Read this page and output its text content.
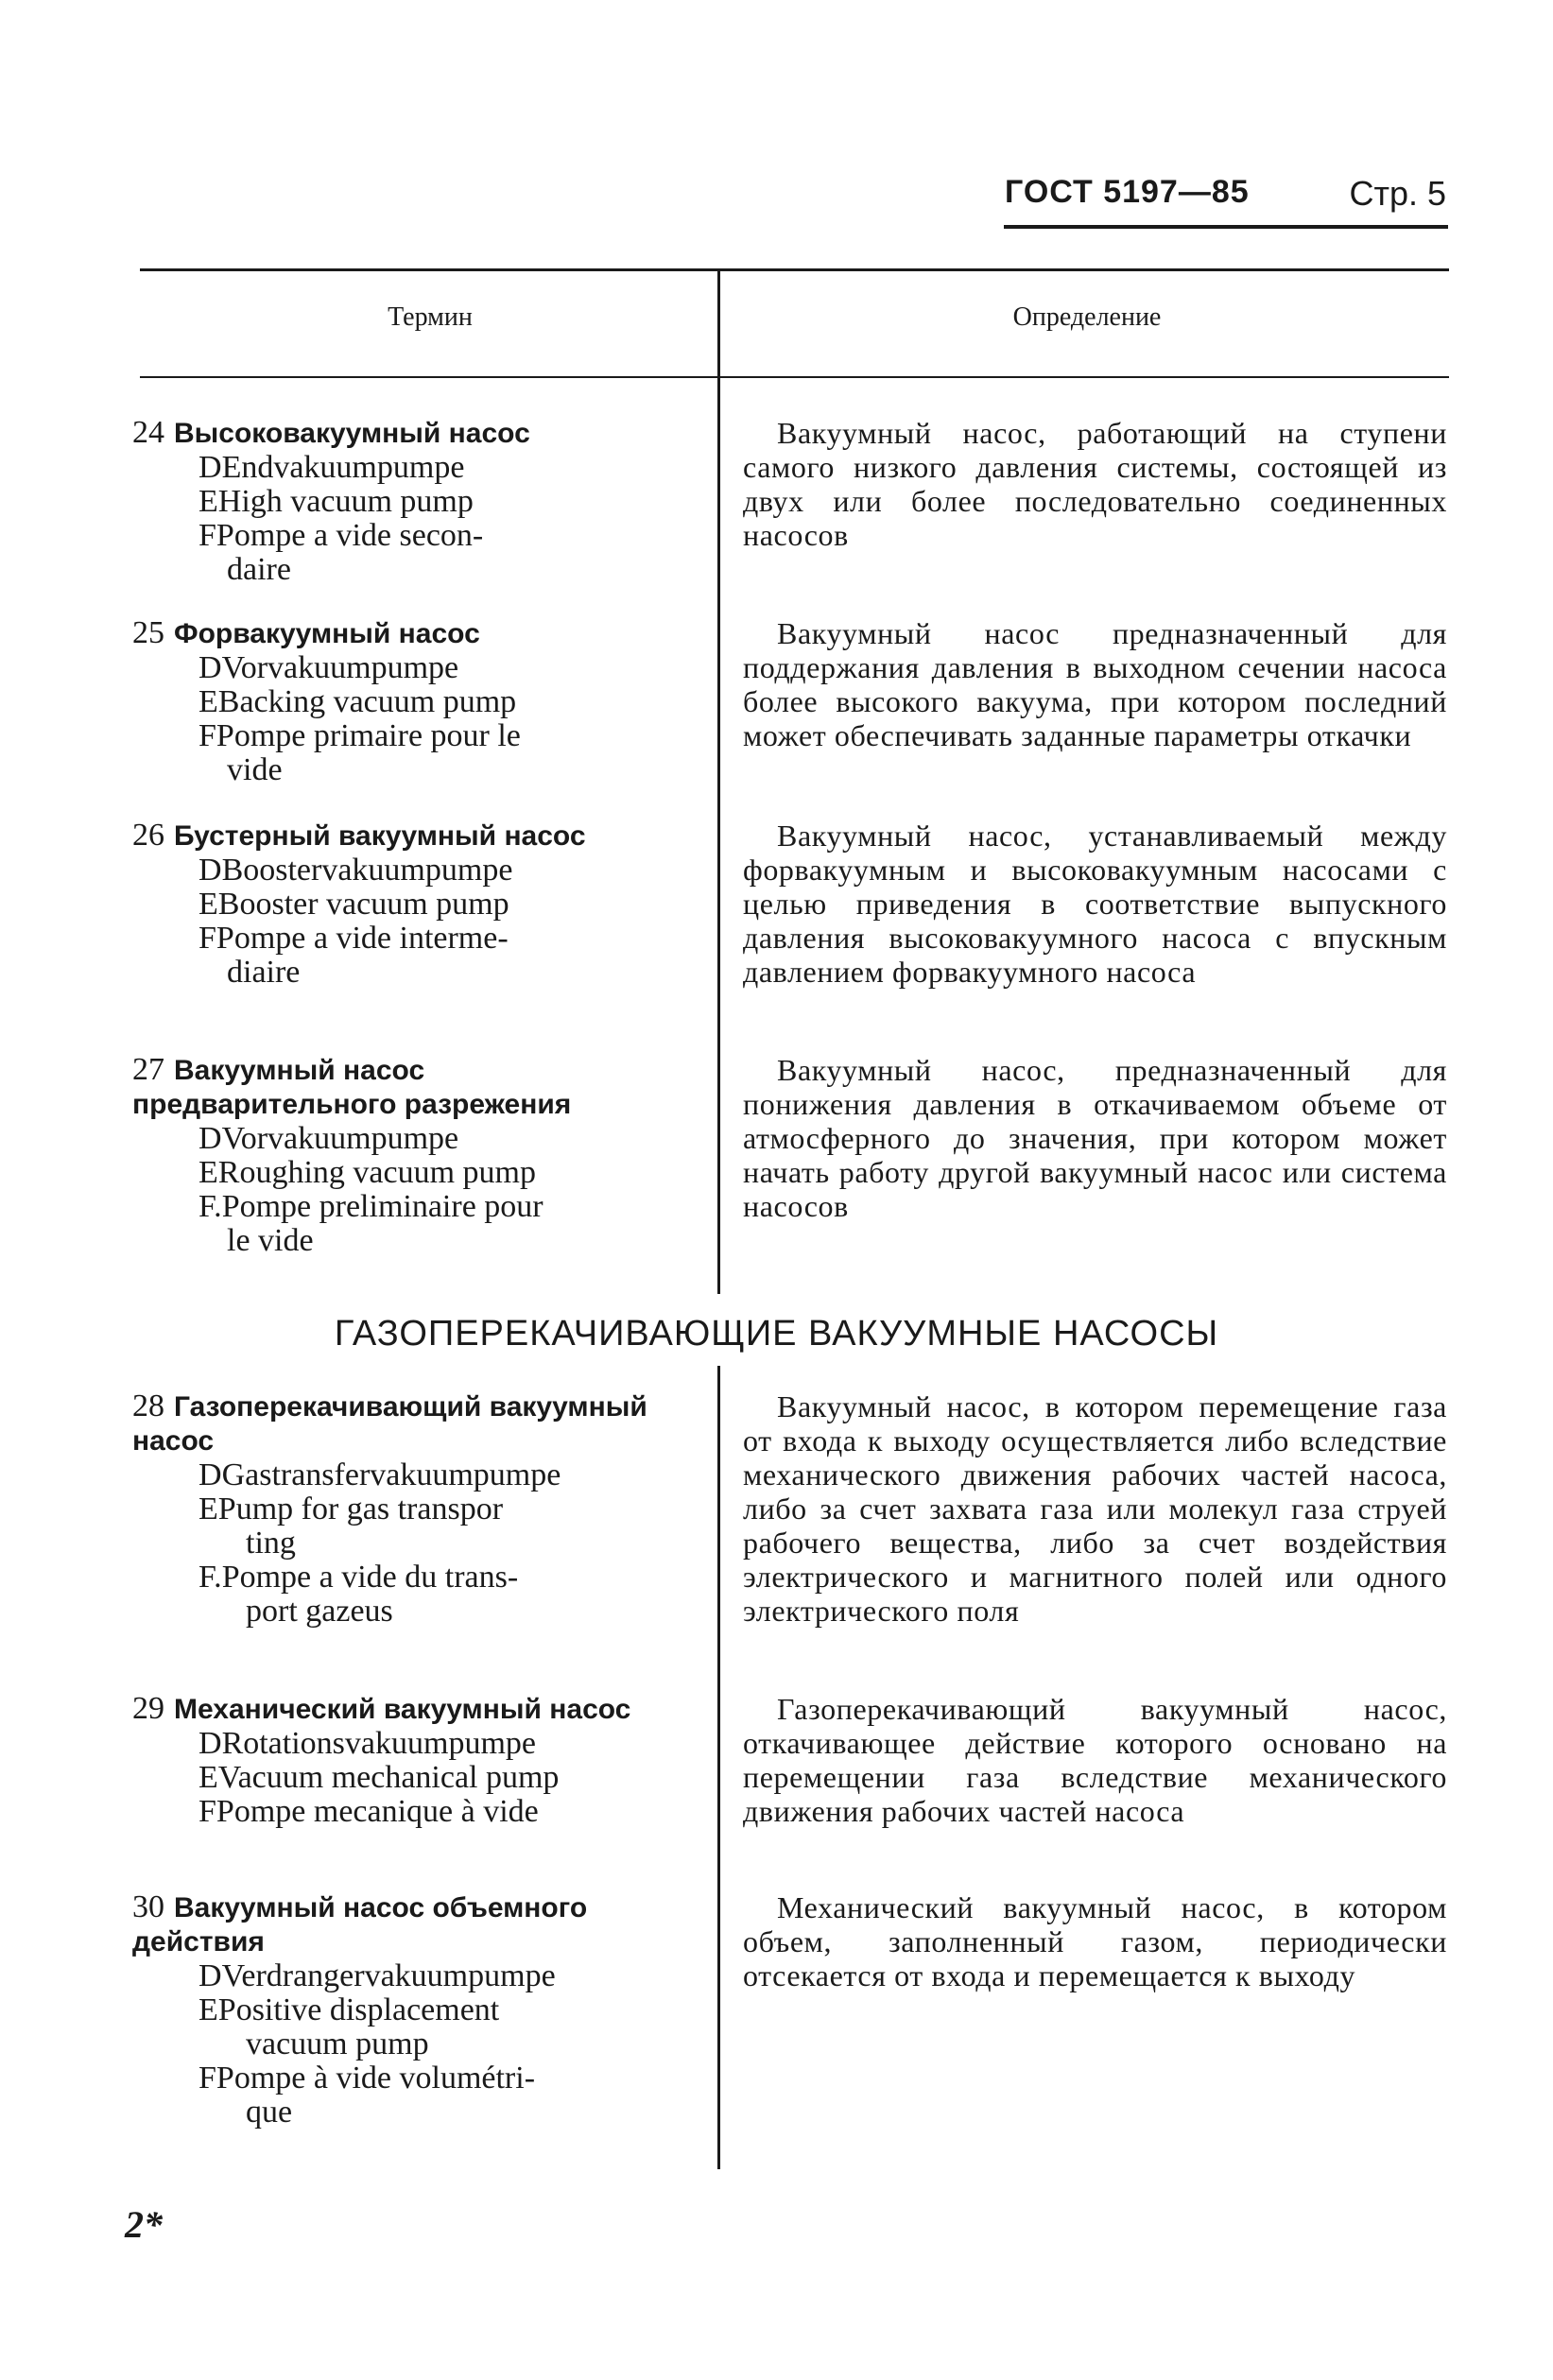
ГОСТ 5197—85	Стр. 5
Термин	Определение
24 Высоковакуумный насос
DEndvakuumpumpe
EHigh vacuum pump
FPompe a vide secon-
daire

Вакуумный насос, работающий на ступени самого низкого давления системы, состоящей из двух или более последовательно соединенных насосов

25 Форвакуумный насос
DVorvakuumpumpe
EBacking vacuum pump
FPompe primaire pour le
vide

Вакуумный насос предназначенный для поддержания давления в выходном сечении насоса более высокого вакуума, при котором последний может обеспечивать заданные параметры откачки

26 Бустерный вакуумный насос
DBoostervakuumpumpe
EBooster vacuum pump
FPompe a vide interme-
diaire

Вакуумный насос, устанавливаемый между форвакуумным и высоковакуумным насосами с целью приведения в соответствие выпускного давления высоковакуумного насоса с впускным давлением форвакуумного насоса

27 Вакуумный насос предварительного разрежения
DVorvakuumpumpe
ERoughing vacuum pump
F.Pompe preliminaire pour
le vide

Вакуумный насос, предназначенный для понижения давления в откачиваемом объеме от атмосферного до значения, при котором может начать работу другой вакуумный насос или система насосов

ГАЗОПЕРЕКАЧИВАЮЩИЕ ВАКУУМНЫЕ НАСОСЫ
28 Газоперекачивающий вакуумный насос
DGastransfervakuumpumpe
EPump for gas transpor
ting
F.Pompe a vide du trans-
port gazeus

Вакуумный насос, в котором перемещение газа от входа к выходу осуществляется либо вследствие механического движения рабочих частей насоса, либо за счет захвата газа или молекул газа струей рабочего вещества, либо за счет воздействия электрического и магнитного полей или одного электрического поля

29 Механический вакуумный насос
DRotationsvakuumpumpe
EVacuum mechanical pump
FPompe mecanique à vide

Газоперекачивающий вакуумный насос, откачивающее действие которого основано на перемещении газа вследствие механического движения рабочих частей насоса

30 Вакуумный насос объемного действия
DVerdrangervakuumpumpe
EPositive displacement
vacuum pump
FPompe à vide volumétri-
que

Механический вакуумный насос, в котором объем, заполненный газом, периодически отсекается от входа и перемещается к выходу

2*
